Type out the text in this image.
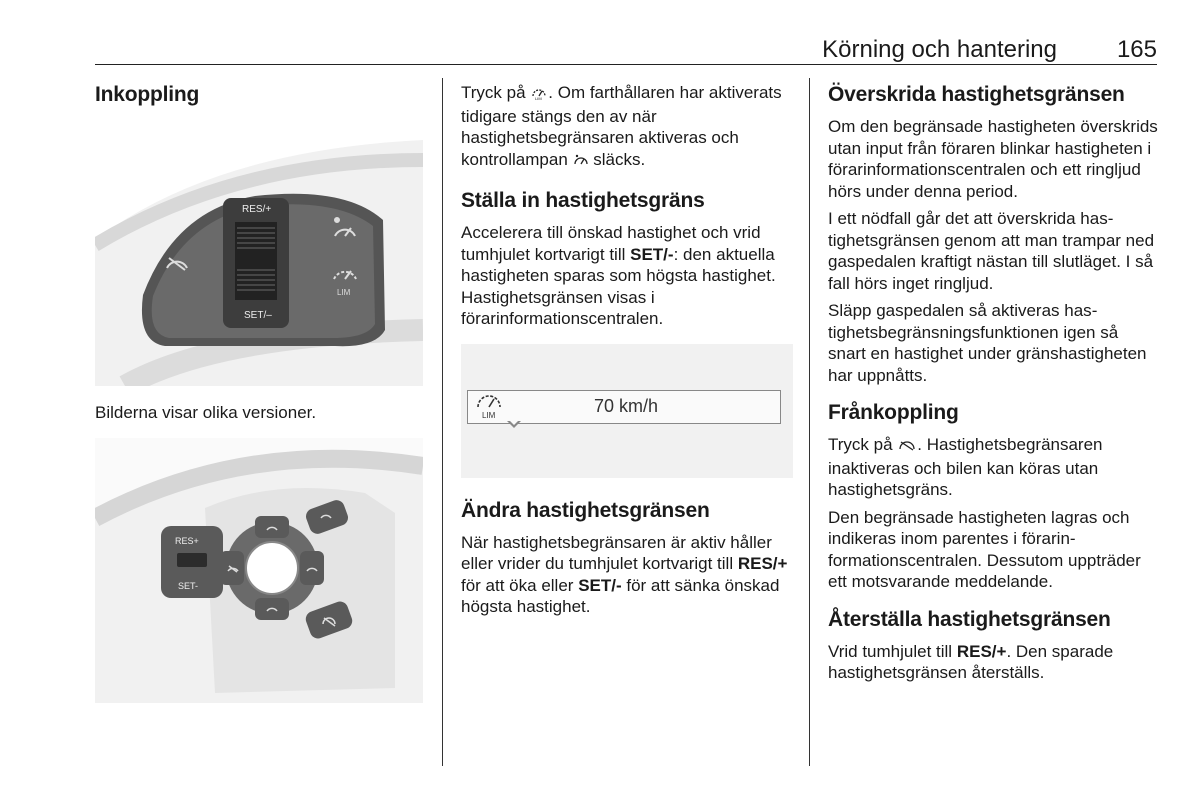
Körning och hantering 165
Inkoppling
RES/+
SET/–
LIM

Bilderna visar olika versioner.

RES+
SET-

Tryck på LIM . Om farthållaren har aktiverats tidigare stängs den av när hastighetsbegränsaren aktiveras och kontrollampan släcks.

Ställa in hastighetsgräns

Accelerera till önskad hastighet och vrid tumhjulet kortvarigt till SET/-: den aktuella hastigheten sparas som högsta hastighet. Hastighetsgränsen visas i förarinformationscentralen.

LIM	70 km/h
Ändra hastighetsgränsen

När hastighetsbegränsaren är aktiv håller eller vrider du tumhjulet kortvarigt till RES/+ för att öka eller SET/- för att sänka önskad högsta hastighet.

Överskrida hastighetsgränsen

Om den begränsade hastigheten överskrids utan input från föraren blinkar hastigheten i förarinformationscentralen och ett ringljud hörs under denna period.

I ett nödfall går det att överskrida hastighetsgränsen genom att man trampar ned gaspedalen kraftigt nästan till slutläget. I så fall hörs inget ringljud.

Släpp gaspedalen så aktiveras hastighetsbegränsningsfunktionen igen så snart en hastighet under gränshastigheten har uppnåtts.

Frånkoppling

Tryck på . Hastighetsbegränsaren inaktiveras och bilen kan köras utan hastighetsgräns.

Den begränsade hastigheten lagras och indikeras inom parentes i förarinformationscentralen. Dessutom uppträder ett motsvarande meddelande.

Återställa hastighetsgränsen

Vrid tumhjulet till RES/+. Den sparade hastighetsgränsen återställs.
